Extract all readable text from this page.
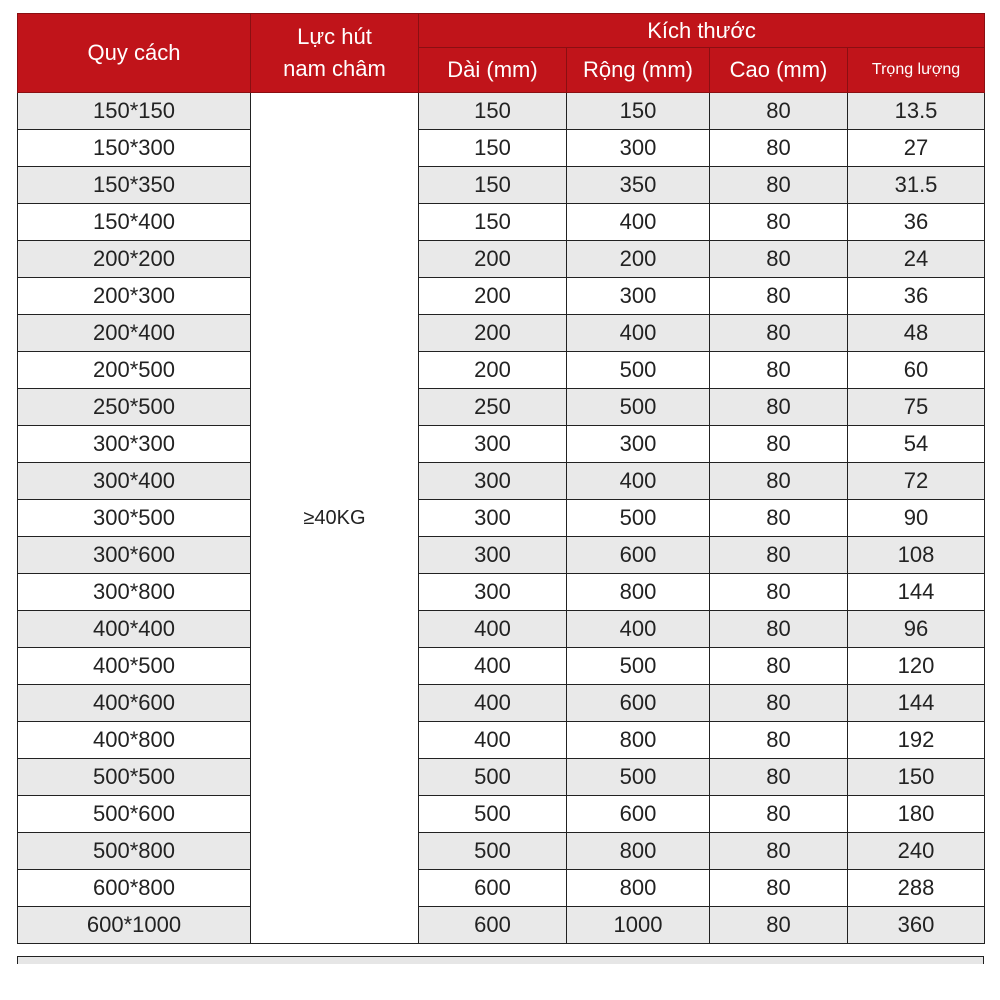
Quy cách	Lực hút nam châm	Kích thước			
		Dài (mm)	Rộng (mm)	Cao (mm)	Trọng lượng
150*150	≥40KG	150	150	80	13.5
150*300		150	300	80	27
150*350		150	350	80	31.5
150*400		150	400	80	36
200*200		200	200	80	24
200*300		200	300	80	36
200*400		200	400	80	48
200*500		200	500	80	60
250*500		250	500	80	75
300*300		300	300	80	54
300*400		300	400	80	72
300*500		300	500	80	90
300*600		300	600	80	108
300*800		300	800	80	144
400*400		400	400	80	96
400*500		400	500	80	120
400*600		400	600	80	144
400*800		400	800	80	192
500*500		500	500	80	150
500*600		500	600	80	180
500*800		500	800	80	240
600*800		600	800	80	288
600*1000		600	1000	80	360
